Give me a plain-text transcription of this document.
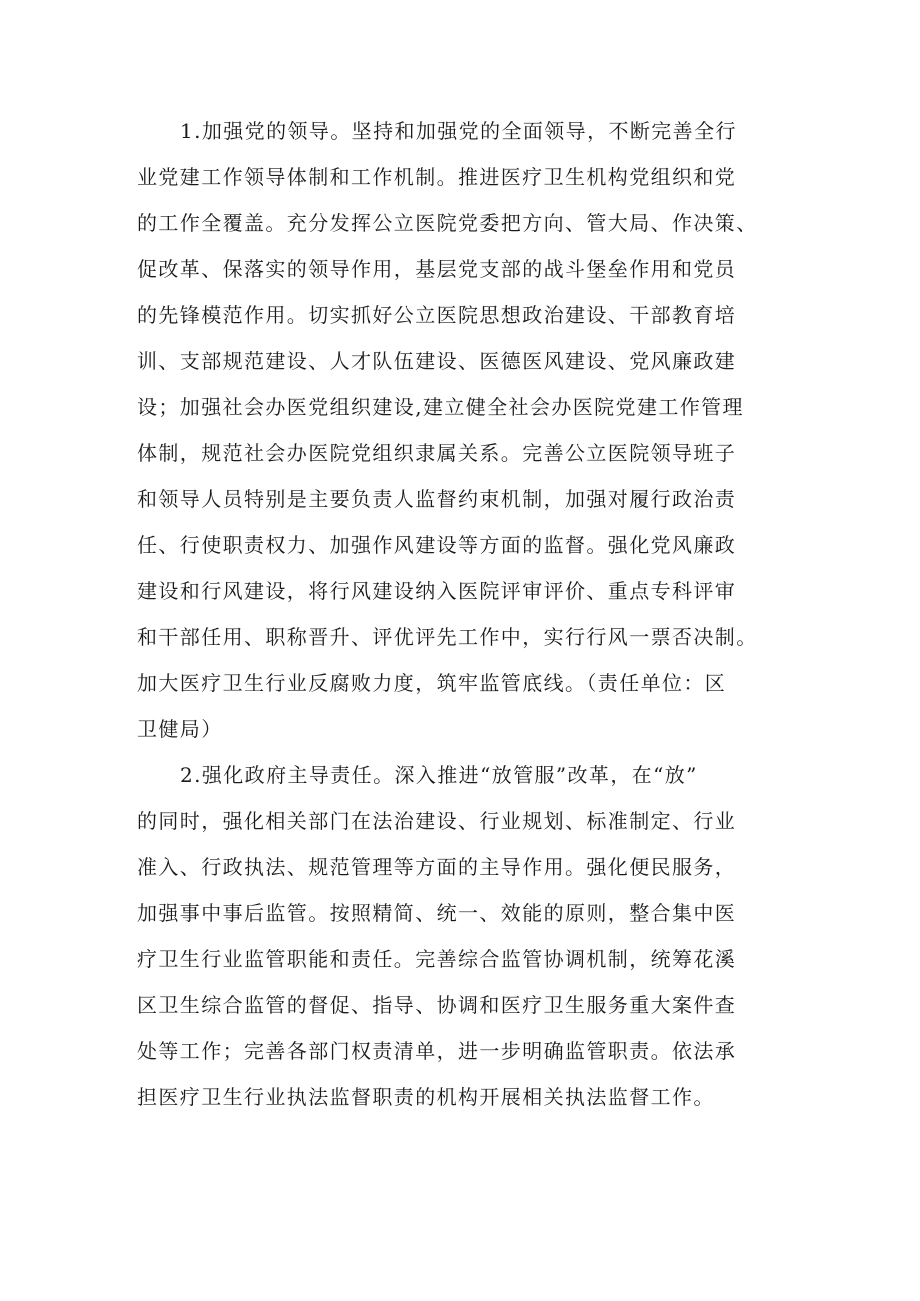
1.加强党的领导。坚持和加强党的全面领导，不断完善全行
业党建工作领导体制和工作机制。推进医疗卫生机构党组织和党
的工作全覆盖。充分发挥公立医院党委把方向、管大局、作决策、
促改革、保落实的领导作用，基层党支部的战斗堡垒作用和党员
的先锋模范作用。切实抓好公立医院思想政治建设、干部教育培
训、支部规范建设、人才队伍建设、医德医风建设、党风廉政建
设；加强社会办医党组织建设,建立健全社会办医院党建工作管理
体制，规范社会办医院党组织隶属关系。完善公立医院领导班子
和领导人员特别是主要负责人监督约束机制，加强对履行政治责
任、行使职责权力、加强作风建设等方面的监督。强化党风廉政
建设和行风建设，将行风建设纳入医院评审评价、重点专科评审
和干部任用、职称晋升、评优评先工作中，实行行风一票否决制。
加大医疗卫生行业反腐败力度，筑牢监管底线。（责任单位：区
卫健局）
2.强化政府主导责任。深入推进“放管服”改革，在“放”
的同时，强化相关部门在法治建设、行业规划、标准制定、行业
准入、行政执法、规范管理等方面的主导作用。强化便民服务，
加强事中事后监管。按照精简、统一、效能的原则，整合集中医
疗卫生行业监管职能和责任。完善综合监管协调机制，统筹花溪
区卫生综合监管的督促、指导、协调和医疗卫生服务重大案件查
处等工作；完善各部门权责清单，进一步明确监管职责。依法承
担医疗卫生行业执法监督职责的机构开展相关执法监督工作。
